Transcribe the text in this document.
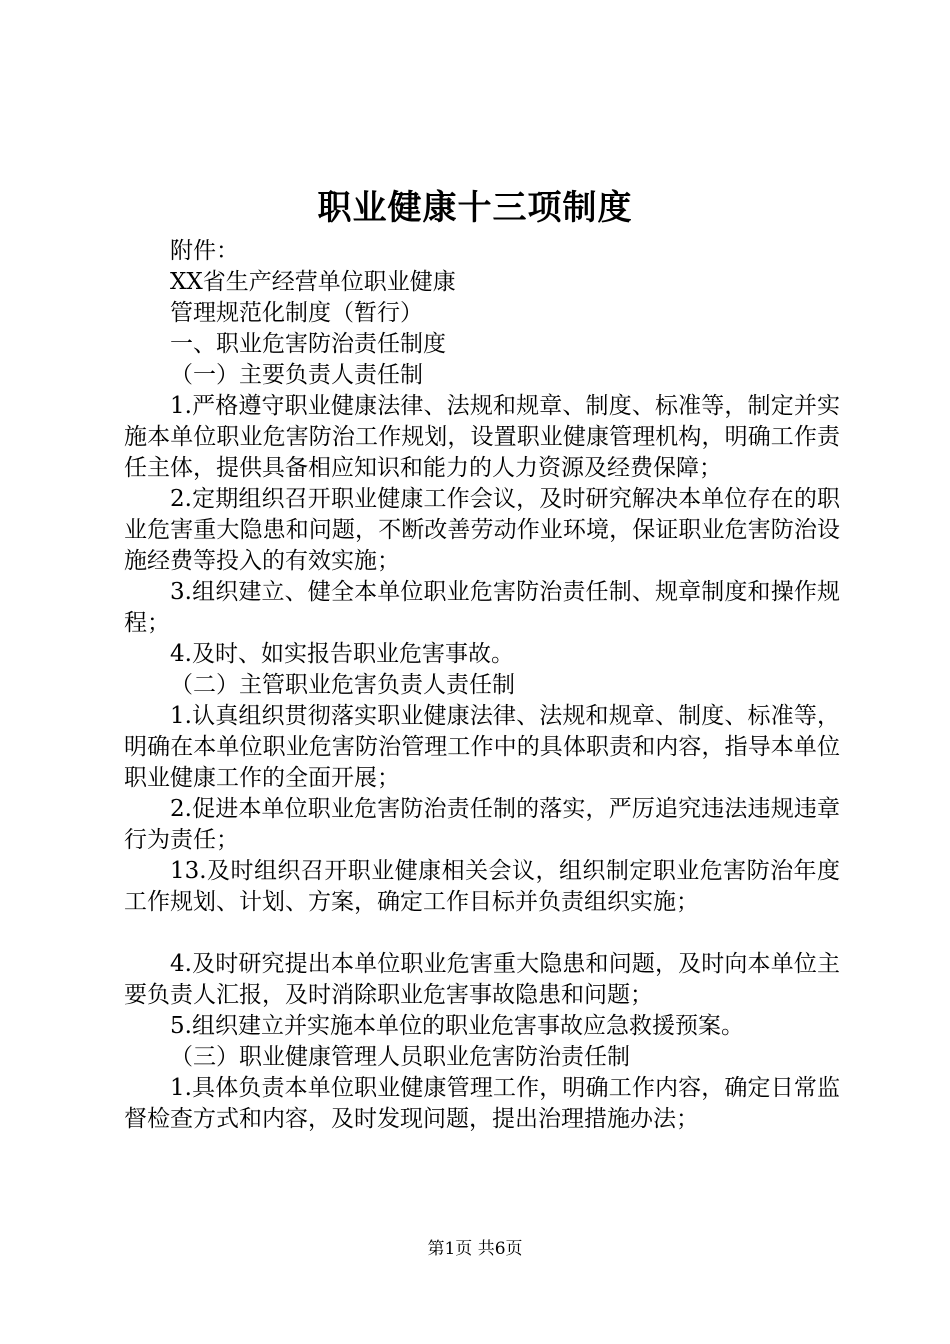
职业健康十三项制度

附件：

XX省生产经营单位职业健康

管理规范化制度（暂行）

一、职业危害防治责任制度

（一）主要负责人责任制

1.严格遵守职业健康法律、法规和规章、制度、标准等，制定并实施本单位职业危害防治工作规划，设置职业健康管理机构，明确工作责任主体，提供具备相应知识和能力的人力资源及经费保障；

2.定期组织召开职业健康工作会议，及时研究解决本单位存在的职业危害重大隐患和问题，不断改善劳动作业环境，保证职业危害防治设施经费等投入的有效实施；

3.组织建立、健全本单位职业危害防治责任制、规章制度和操作规程；

4.及时、如实报告职业危害事故。

（二）主管职业危害负责人责任制

1.认真组织贯彻落实职业健康法律、法规和规章、制度、标准等，明确在本单位职业危害防治管理工作中的具体职责和内容，指导本单位职业健康工作的全面开展；

2.促进本单位职业危害防治责任制的落实，严厉追究违法违规违章行为责任；

13.及时组织召开职业健康相关会议，组织制定职业危害防治年度工作规划、计划、方案，确定工作目标并负责组织实施；

4.及时研究提出本单位职业危害重大隐患和问题，及时向本单位主要负责人汇报，及时消除职业危害事故隐患和问题；

5.组织建立并实施本单位的职业危害事故应急救援预案。

（三）职业健康管理人员职业危害防治责任制

1.具体负责本单位职业健康管理工作，明确工作内容，确定日常监督检查方式和内容，及时发现问题，提出治理措施办法；

第1页 共6页
